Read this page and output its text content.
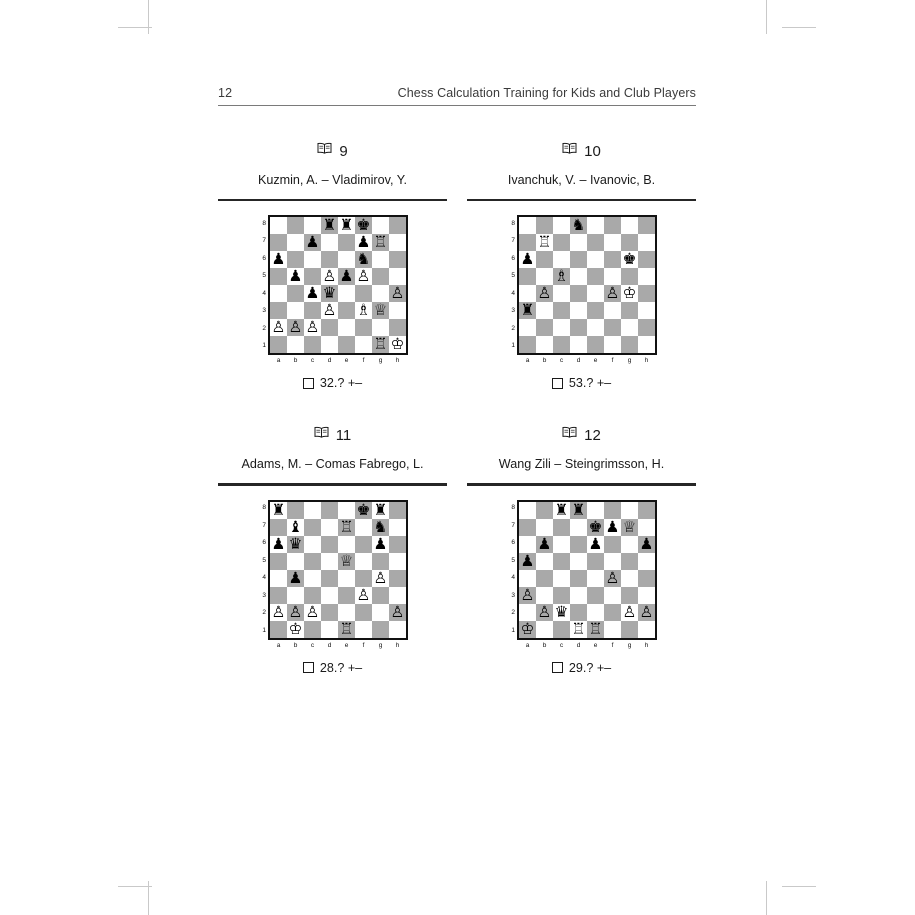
12	Chess Calculation Training for Kids and Club Players
9
Kuzmin, A. – Vladimirov, Y.
8
7
6
5
4
3
2
1
♜ ♜ ♚
♟ ♟ ♖
♟	♞
♟ ♙ ♟ ♙
♟ ♛	♙
♙ ♗ ♕
♙ ♙ ♙
♖ ♔
a	b	c	d	e	f	g	h
32.? +–
10
Ivanchuk, V. – Ivanovic, B.
8
7
6
5
4
3
2
1
♞
♖
♟	♚
♗
♙	♙ ♔
♜
a	b	c	d	e	f	g	h
53.? +–
11
Adams, M. – Comas Fabrego, L.
8
7
6
5
4
3
2
1
♜	♚ ♜
♝ ♖ ♞
♟ ♛	♟
♕
♟	♙
♙
♙ ♙ ♙	♙
♔ ♖
a	b	c	d	e	f	g	h
28.? +–
12
Wang Zili – Steingrimsson, H.
8
7
6
5
4
3
2
1
♜ ♜
♚ ♟ ♕
♟ ♟ ♟
♟
♙
♙
♙ ♛	♙ ♙
♔ ♖ ♖
a	b	c	d	e	f	g	h
29.? +–
